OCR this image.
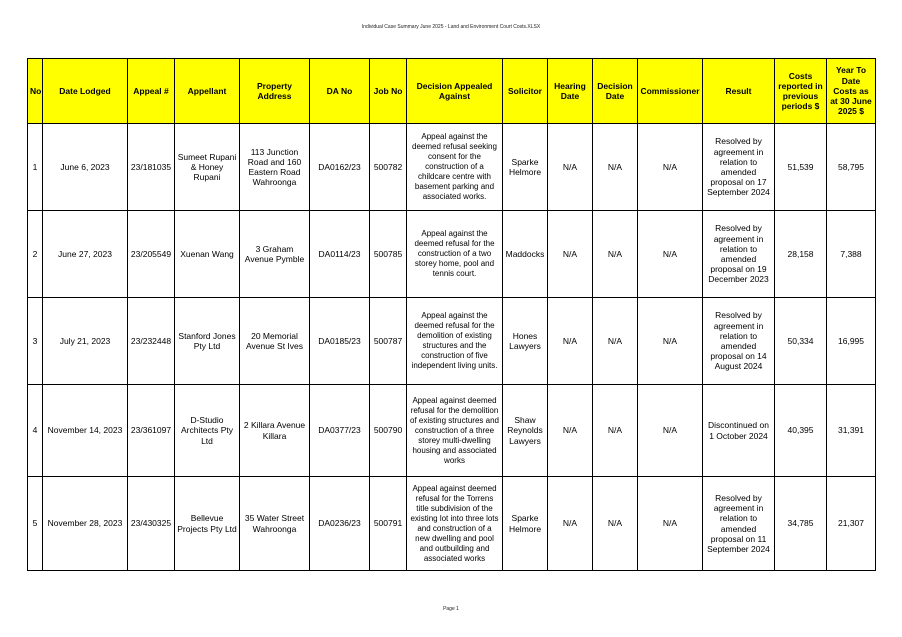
Individual Case Summary June 2025 - Land and Environment Court Costs.XLSX
No	Date Lodged	Appeal #	Appellant	Property Address	DA No	Job No	Decision Appealed Against	Solicitor	Hearing Date	Decision Date	Commissioner	Result	Costs reported in previous periods $	Year To Date Costs as at 30 June 2025 $
1	June 6, 2023	23/181035	Sumeet Rupani & Honey Rupani	113 Junction Road and 160 Eastern Road Wahroonga	DA0162/23	500782	Appeal against the deemed refusal seeking consent for the construction of a childcare centre with basement parking and associated works.	Sparke Helmore	N/A	N/A	N/A	Resolved by agreement in relation to amended proposal on 17 September 2024	51,539	58,795
2	June 27, 2023	23/205549	Xuenan Wang	3 Graham Avenue Pymble	DA0114/23	500785	Appeal against the deemed refusal for the construction of a two storey home, pool and tennis court.	Maddocks	N/A	N/A	N/A	Resolved by agreement in relation to amended proposal on 19 December 2023	28,158	7,388
3	July 21, 2023	23/232448	Stanford Jones Pty Ltd	20 Memorial Avenue St Ives	DA0185/23	500787	Appeal against the deemed refusal for the demolition of existing structures and the construction of five independent living units.	Hones Lawyers	N/A	N/A	N/A	Resolved by agreement in relation to amended proposal on 14 August 2024	50,334	16,995
4	November 14, 2023	23/361097	D-Studio Architects Pty Ltd	2 Killara Avenue Killara	DA0377/23	500790	Appeal against deemed refusal for the demolition of existing structures and construction of a three storey multi-dwelling housing and associated works	Shaw Reynolds Lawyers	N/A	N/A	N/A	Discontinued on 1 October 2024	40,395	31,391
5	November 28, 2023	23/430325	Bellevue Projects Pty Ltd	35 Water Street Wahroonga	DA0236/23	500791	Appeal against deemed refusal for the Torrens title subdivision of the existing lot into three lots and construction of a new dwelling and pool and outbuilding and associated works	Sparke Helmore	N/A	N/A	N/A	Resolved by agreement in relation to amended proposal on 11 September 2024	34,785	21,307
Page 1
